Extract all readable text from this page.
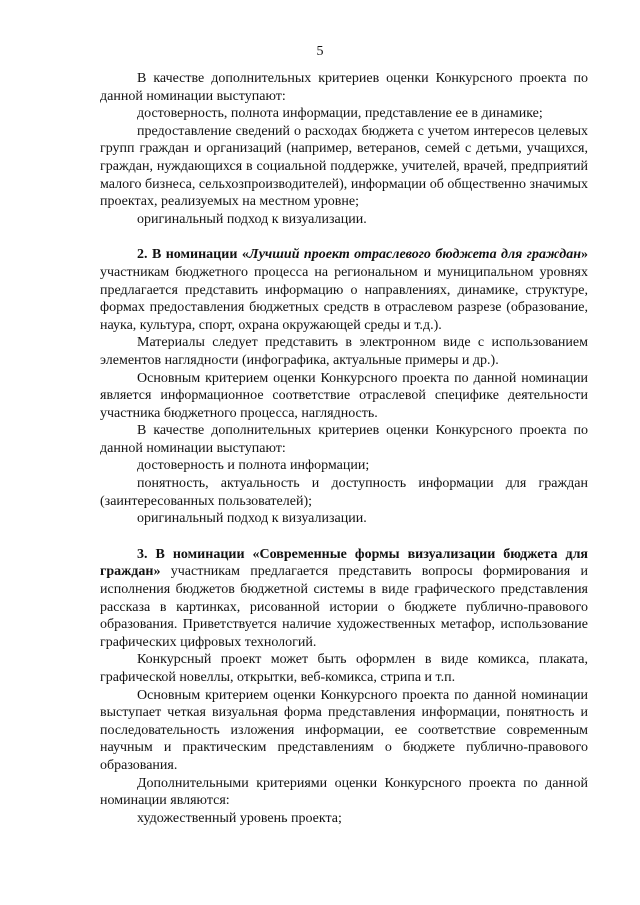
5

В качестве дополнительных критериев оценки Конкурсного проекта по данной номинации выступают:

достоверность, полнота информации, представление ее в динамике;

предоставление сведений о расходах бюджета с учетом интересов целевых групп граждан и организаций (например, ветеранов, семей с детьми, учащихся, граждан, нуждающихся в социальной поддержке, учителей, врачей, предприятий малого бизнеса, сельхозпроизводителей), информации об общественно значимых проектах, реализуемых на местном уровне;

оригинальный подход к визуализации.

2. В номинации «Лучший проект отраслевого бюджета для граждан» участникам бюджетного процесса на региональном и муниципальном уровнях предлагается представить информацию о направлениях, динамике, структуре, формах предоставления бюджетных средств в отраслевом разрезе (образование, наука, культура, спорт, охрана окружающей среды и т.д.).

Материалы следует представить в электронном виде с использованием элементов наглядности (инфографика, актуальные примеры и др.).

Основным критерием оценки Конкурсного проекта по данной номинации является информационное соответствие отраслевой специфике деятельности участника бюджетного процесса, наглядность.

В качестве дополнительных критериев оценки Конкурсного проекта по данной номинации выступают:

достоверность и полнота информации;

понятность, актуальность и доступность информации для граждан (заинтересованных пользователей);

оригинальный подход к визуализации.

3. В номинации «Современные формы визуализации бюджета для граждан» участникам предлагается представить вопросы формирования и исполнения бюджетов бюджетной системы в виде графического представления рассказа в картинках, рисованной истории о бюджете публично-правового образования. Приветствуется наличие художественных метафор, использование графических цифровых технологий.

Конкурсный проект может быть оформлен в виде комикса, плаката, графической новеллы, открытки, веб-комикса, стрипа и т.п.

Основным критерием оценки Конкурсного проекта по данной номинации выступает четкая визуальная форма представления информации, понятность и последовательность изложения информации, ее соответствие современным научным и практическим представлениям о бюджете публично-правового образования.

Дополнительными критериями оценки Конкурсного проекта по данной номинации являются:

художественный уровень проекта;
